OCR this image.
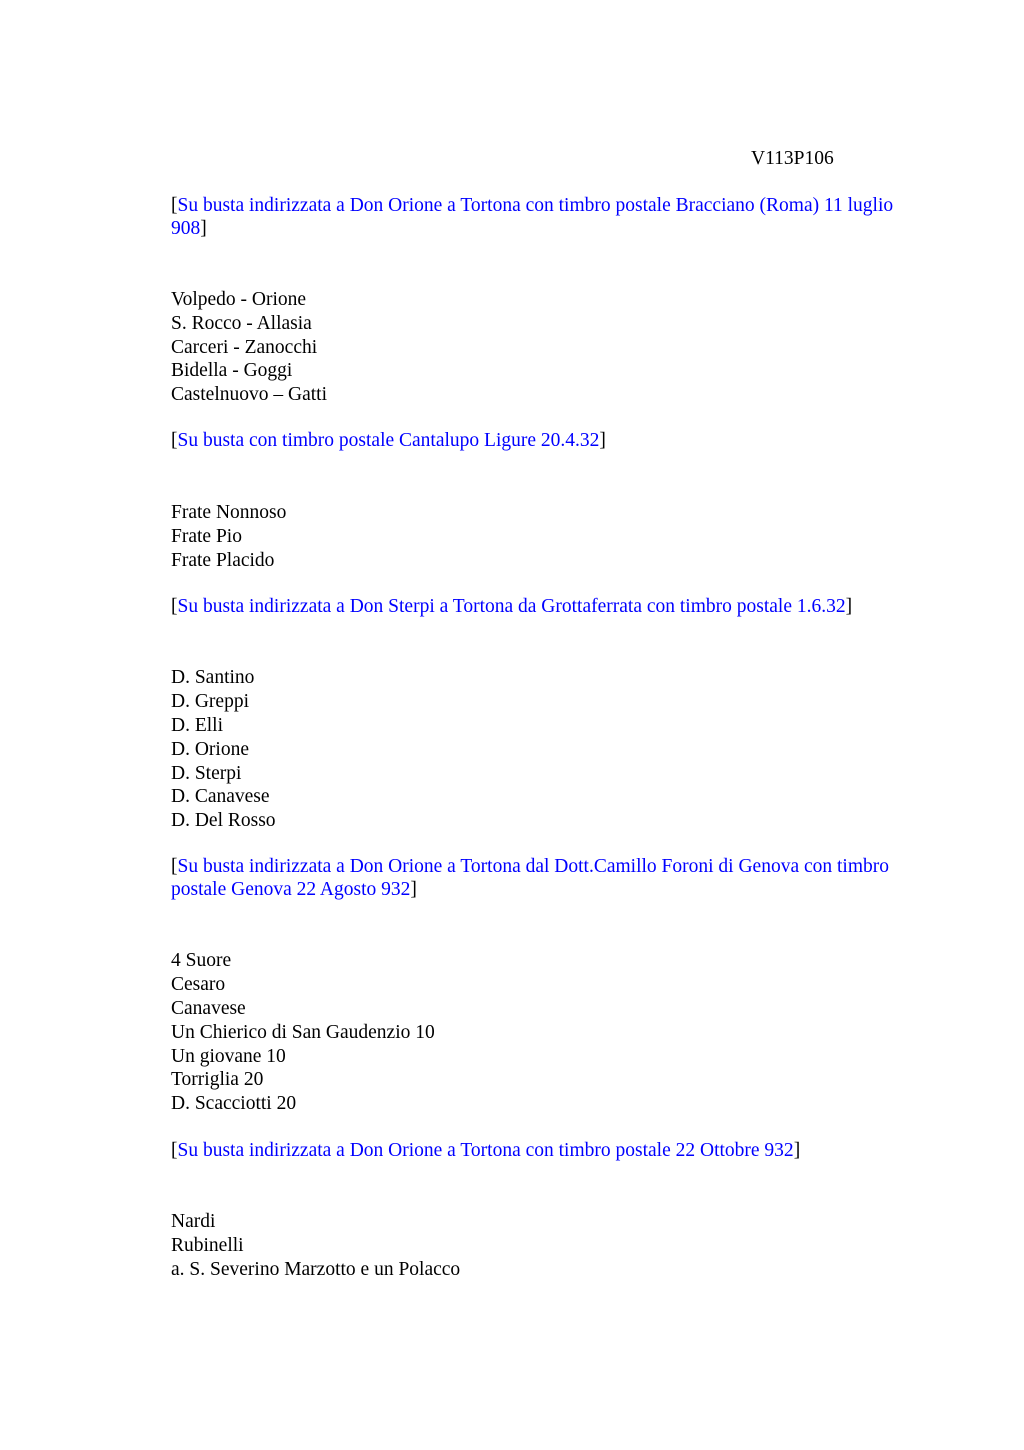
V113P106

[Su busta indirizzata a Don Orione a Tortona con timbro postale Bracciano (Roma) 11 luglio 908]

Volpedo - Orione
S. Rocco - Allasia
Carceri - Zanocchi
Bidella - Goggi
Castelnuovo – Gatti

[Su busta con timbro postale Cantalupo Ligure 20.4.32]

Frate Nonnoso
Frate Pio
Frate Placido

[Su busta indirizzata a Don Sterpi a Tortona da Grottaferrata con timbro postale 1.6.32]

D. Santino
D. Greppi
D. Elli
D. Orione
D. Sterpi
D. Canavese
D. Del Rosso

[Su busta indirizzata a Don Orione a Tortona dal Dott.Camillo Foroni di Genova con timbro postale Genova 22 Agosto 932]

4 Suore
Cesaro
Canavese
Un Chierico di San Gaudenzio 10
Un giovane 10
Torriglia 20
D. Scacciotti 20

[Su busta indirizzata a Don Orione a Tortona con timbro postale 22 Ottobre 932]

Nardi
Rubinelli
a. S. Severino Marzotto e un Polacco
